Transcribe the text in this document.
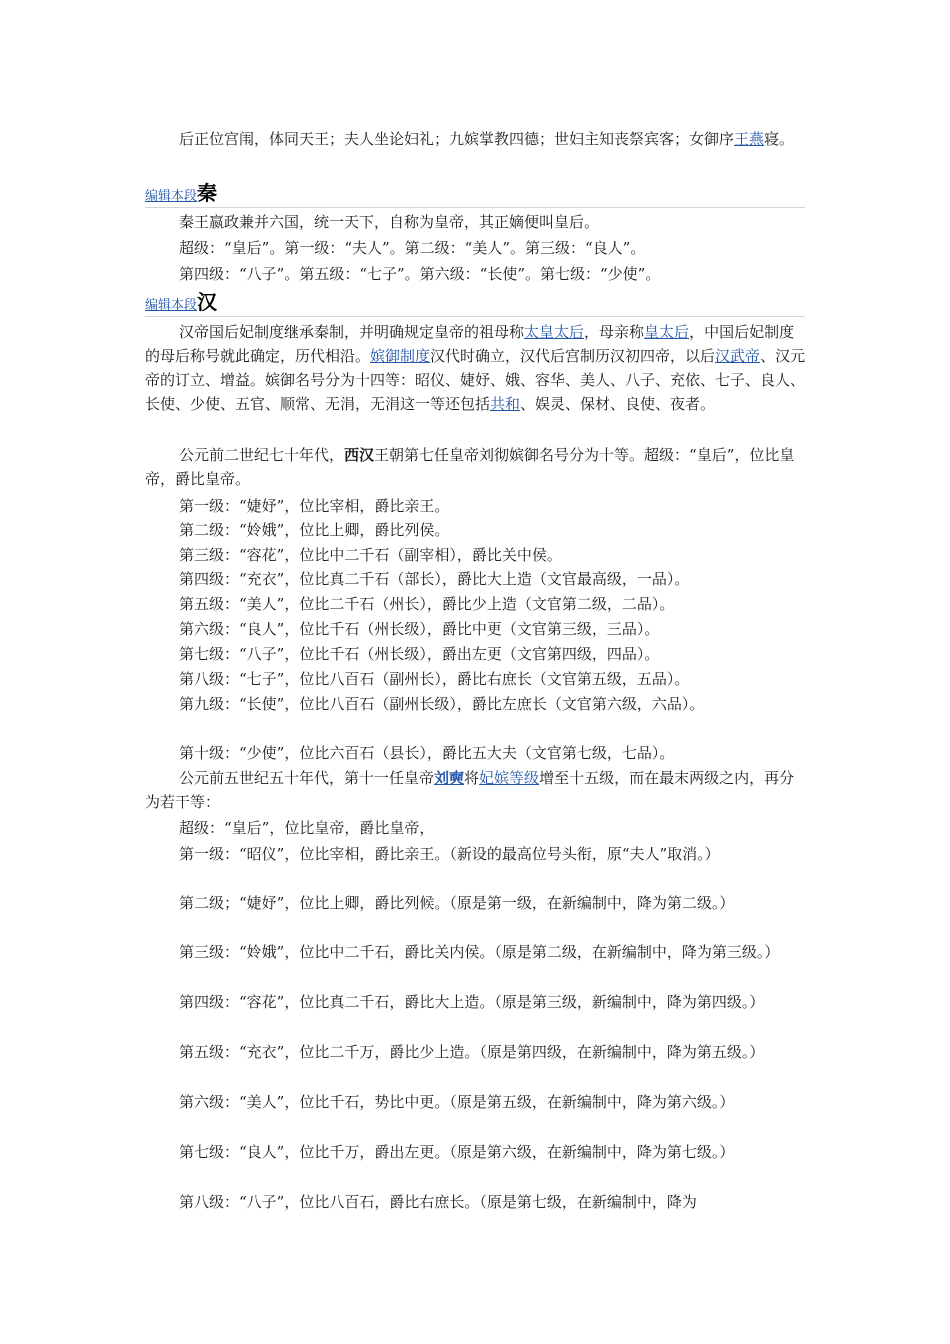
后正位宫闱，体同天王；夫人坐论妇礼；九嫔掌教四德；世妇主知丧祭宾客；女御序王燕寝。

编辑本段秦
秦王嬴政兼并六国，统一天下，自称为皇帝，其正嫡便叫皇后。
超级：“皇后”。第一级：“夫人”。第二级：“美人”。第三级：“良人”。
第四级：“八子”。第五级：“七子”。第六级：“长使”。第七级：“少使”。
编辑本段汉

汉帝国后妃制度继承秦制，并明确规定皇帝的祖母称太皇太后，母亲称皇太后，中国后妃制度的母后称号就此确定，历代相沿。嫔御制度汉代时确立，汉代后宫制历汉初四帝，以后汉武帝、汉元帝的订立、增益。嫔御名号分为十四等：昭仪、婕妤、娥、容华、美人、八子、充依、七子、良人、长使、少使、五官、顺常、无涓，无涓这一等还包括共和、娱灵、保材、良使、夜者。

公元前二世纪七十年代，西汉王朝第七任皇帝刘彻嫔御名号分为十等。超级：“皇后”，位比皇帝，爵比皇帝。

第一级：“婕妤”，位比宰相，爵比亲王。
第二级：“姈娥”，位比上卿，爵比列侯。
第三级：“容花”，位比中二千石（副宰相），爵比关中侯。
第四级：“充衣”，位比真二千石（部长），爵比大上造（文官最高级，一品）。
第五级：“美人”，位比二千石（州长），爵比少上造（文官第二级，二品）。
第六级：“良人”，位比千石（州长级），爵比中更（文官第三级，三品）。
第七级：“八子”，位比千石（州长级），爵出左更（文官第四级，四品）。
第八级：“七子”，位比八百石（副州长），爵比右庶长（文官第五级，五品）。
第九级：“长使”，位比八百石（副州长级），爵比左庶长（文官第六级，六品）。
第十级：“少使”，位比六百石（县长），爵比五大夫（文官第七级，七品）。

公元前五世纪五十年代，第十一任皇帝刘奭将妃嫔等级增至十五级，而在最末两级之内，再分为若干等：

超级：“皇后”，位比皇帝，爵比皇帝，

第一级：“昭仪”，位比宰相，爵比亲王。（新设的最高位号头衔，原“夫人”取消。）

第二级；“婕妤”，位比上卿，爵比列候。（原是第一级，在新编制中，降为第二级。）

第三级：“姈娥”，位比中二千石，爵比关内侯。（原是第二级，在新编制中，降为第三级。）

第四级：“容花”，位比真二千石，爵比大上造。（原是第三级，新编制中，降为第四级。）

第五级：“充衣”，位比二千万，爵比少上造。（原是第四级，在新编制中，降为第五级。）

第六级：“美人”，位比千石，势比中更。（原是第五级，在新编制中，降为第六级。）

第七级：“良人”，位比千万，爵出左更。（原是第六级，在新编制中，降为第七级。）

第八级：“八子”，位比八百石，爵比右庶长。（原是第七级，在新编制中，降为
